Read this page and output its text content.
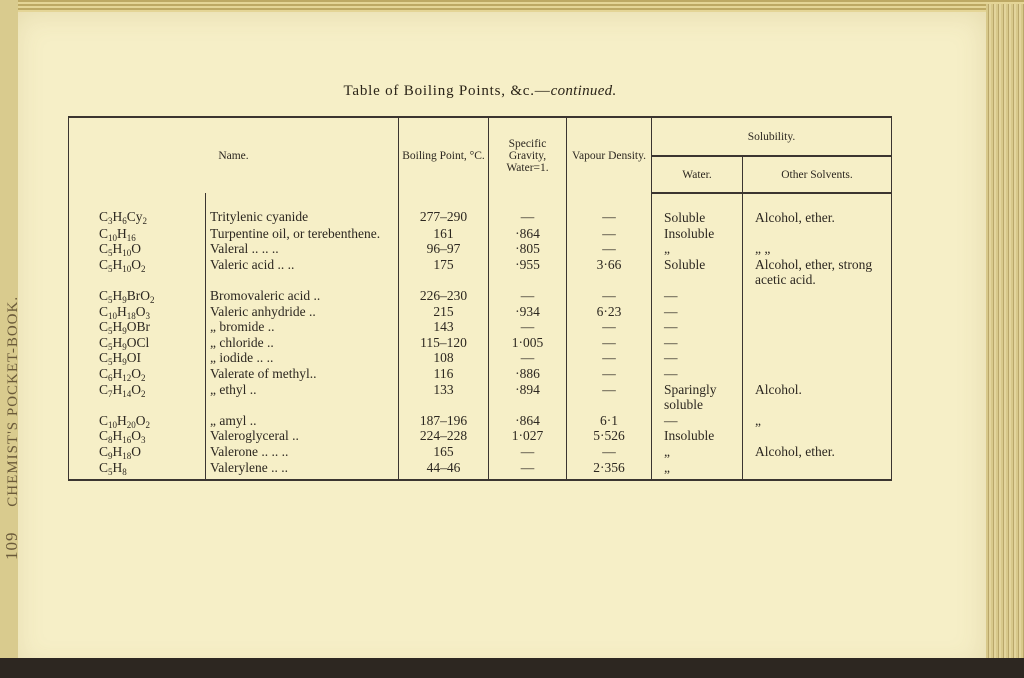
109 CHEMIST'S POCKET-BOOK.
Table of Boiling Points, &c.—continued.
Name.		Boiling Point, °C.	Specific Gravity, Water=1.	Vapour Density.	Solubility.	
					Water.	Other Solvents.
$C_3H_6Cy_2$	Tritylenic cyanide	277–290	—	—	Soluble	Alcohol, ether.
$C_{10}H_{16}$	Turpentine oil, or terebenthene.	161	·864	—	Insoluble	
$C_5H_{10}O$	Valeral .. .. ..	96–97	·805	—	„	„ „
$C_5H_{10}O_2$	Valeric acid .. ..	175	·955	3·66	Soluble	Alcohol, ether, strong acetic acid.
$C_5H_9BrO_2$	Bromovaleric acid ..	226–230	—	—	—	
$C_{10}H_{18}O_3$	Valeric anhydride ..	215	·934	6·23	—	
$C_5H_9OBr$	„ bromide ..	143	—	—	—	
$C_5H_9OCl$	„ chloride ..	115–120	1·005	—	—	
$C_5H_9OI$	„ iodide .. ..	108	—	—	—	
$C_6H_{12}O_2$	Valerate of methyl..	116	·886	—	—	
$C_7H_{14}O_2$	„ ethyl ..	133	·894	—	Sparingly soluble	Alcohol.
$C_{10}H_{20}O_2$	„ amyl ..	187–196	·864	6·1	—	„
$C_8H_{16}O_3$	Valeroglyceral ..	224–228	1·027	5·526	Insoluble	
$C_9H_{18}O$	Valerone .. .. ..	165	—	—	„	Alcohol, ether.
$C_5H_8$	Valerylene .. ..	44–46	—	2·356	„	
